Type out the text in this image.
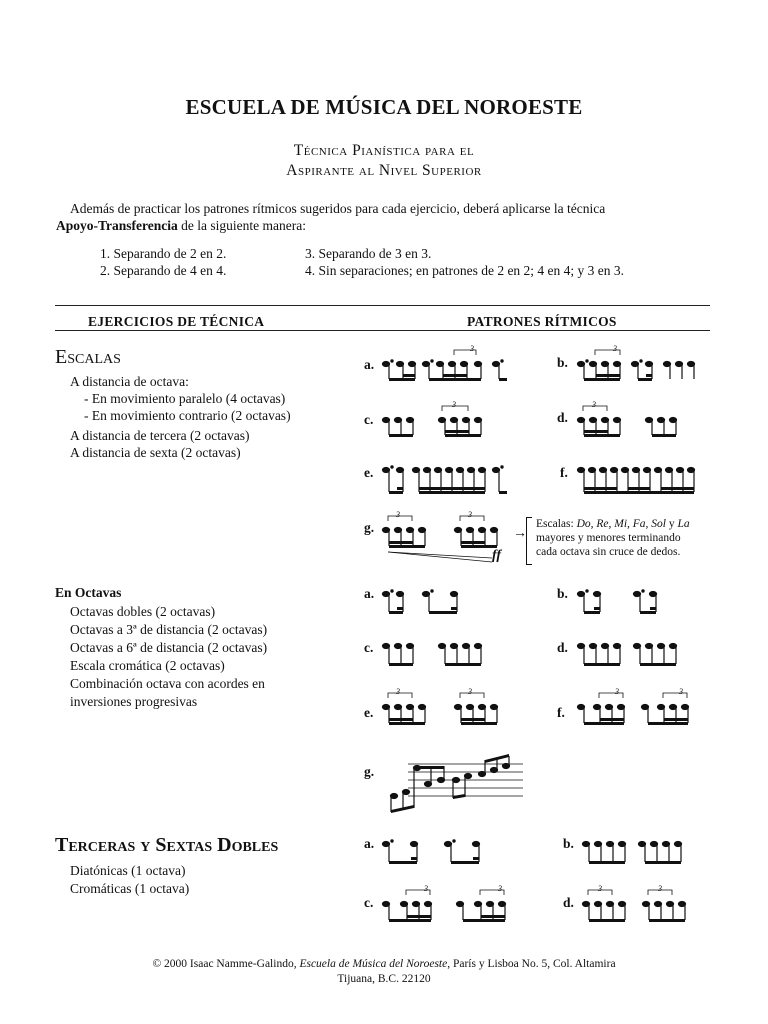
ESCUELA DE MÚSICA DEL NOROESTE
Técnica Pianística para el
Aspirante al Nivel Superior
Además de practicar los patrones rítmicos sugeridos para cada ejercicio, deberá aplicarse la técnica
Apoyo-Transferencia de la siguiente manera:
1. Separando de 2 en 2.
2. Separando de 4 en 4.
3. Separando de 3 en 3.
4. Sin separaciones; en patrones de 2 en 2; 4 en 4; y 3 en 3.
EJERCICIOS DE TÉCNICA	PATRONES RÍTMICOS
Escalas
A distancia de octava:
- En movimiento paralelo (4 octavas)
- En movimiento contrario (2 octavas)
A distancia de tercera (2 octavas)
A distancia de sexta (2 octavas)
a.	b.
c.	d.
e.	f.
g.
ff
→
Escalas: Do, Re, Mi, Fa, Sol y La
mayores y menores terminando
cada octava sin cruce de dedos.
En Octavas
Octavas dobles (2 octavas)
Octavas a 3ª de distancia (2 octavas)
Octavas a 6ª de distancia (2 octavas)
Escala cromática (2 octavas)
Combinación octava con acordes en
inversiones progresivas
a.	b.
c.	d.
e.	f.
g.
Terceras y Sextas Dobles
Diatónicas (1 octava)
Cromáticas (1 octava)
a.	b.
c.	d.
3	3
3	3
3	3
3	3	3	3
3	3	3	3
© 2000 Isaac Namme-Galindo, Escuela de Música del Noroeste, París y Lisboa No. 5, Col. Altamira
Tijuana, B.C. 22120
